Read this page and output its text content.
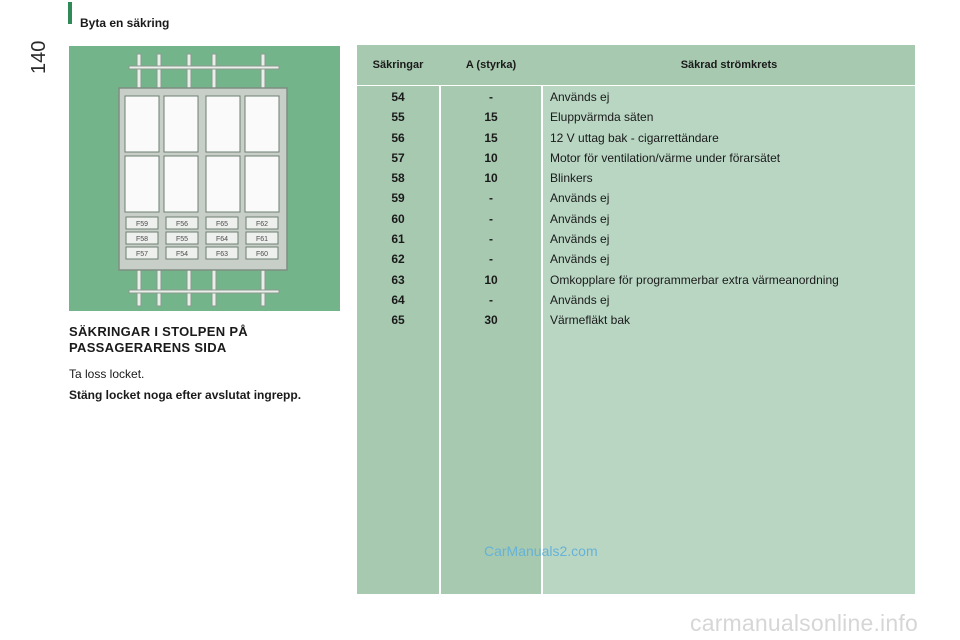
Byta en säkring
140
F59	F56	F65	F62
F58	F55	F64	F61
F57	F54	F63	F60
SÄKRINGAR I STOLPEN PÅ PASSAGERARENS SIDA
Ta loss locket.
Stäng locket noga efter avslutat ingrepp.
Säkringar	A (styrka)	Säkrad strömkrets
54	-	Används ej
55	15	Eluppvärmda säten
56	15	12 V uttag bak - cigarrettändare
57	10	Motor för ventilation/värme under förarsätet
58	10	Blinkers
59	-	Används ej
60	-	Används ej
61	-	Används ej
62	-	Används ej
63	10	Omkopplare för programmerbar extra värmeanordning
64	-	Används ej
65	30	Värmefläkt bak
CarManuals2.com
carmanualsonline.info
